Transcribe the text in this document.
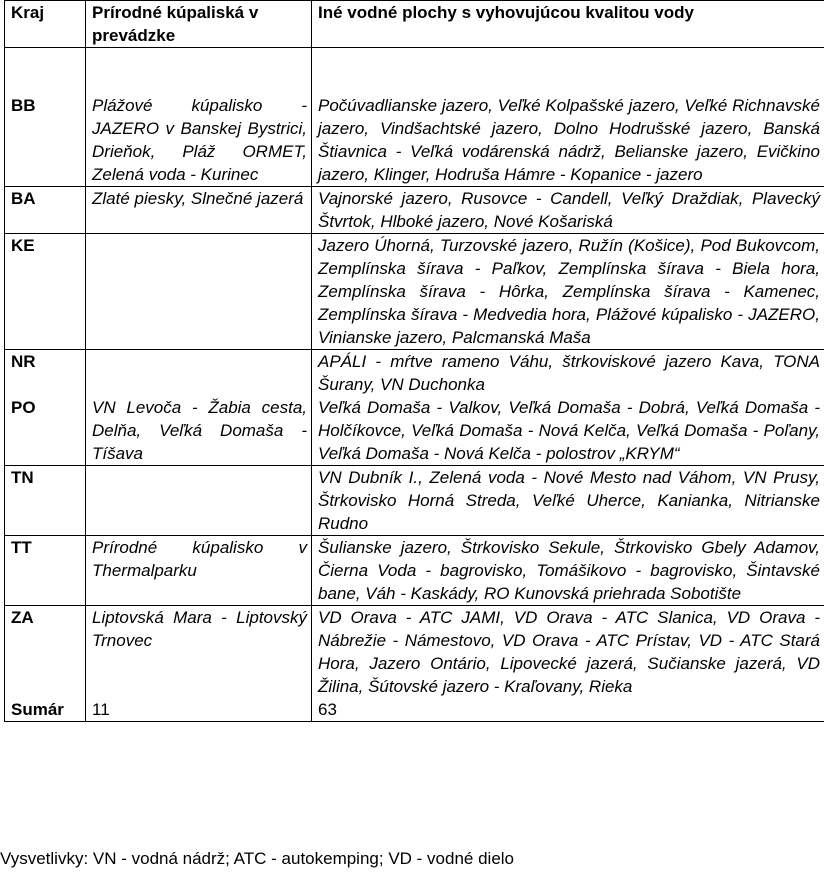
Kraj	Prírodné kúpaliská v prevádzke	Iné vodné plochy s vyhovujúcou kvalitou vody

BB	Plážové kúpalisko - JAZERO v Banskej Bystrici, Drieňok, Pláž ORMET, Zelená voda - Kurinec	Počúvadlianske jazero, Veľké Kolpašské jazero, Veľké Richnavské jazero, Vindšachtské jazero, Dolno Hodrušské jazero, Banská Štiavnica - Veľká vodárenská nádrž, Belianske jazero, Evičkino jazero, Klinger, Hodruša Hámre - Kopanice - jazero
BA	Zlaté piesky, Slnečné jazerá	Vajnorské jazero, Rusovce - Candell, Veľký Draždiak, Plavecký Štvrtok, Hlboké jazero, Nové Košariská
KE		Jazero Úhorná, Turzovské jazero, Ružín (Košice), Pod Bukovcom, Zemplínska šírava - Paľkov, Zemplínska šírava - Biela hora, Zemplínska šírava - Hôrka, Zemplínska šírava - Kamenec, Zemplínska šírava - Medvedia hora, Plážové kúpalisko - JAZERO, Vinianske jazero, Palcmanská Maša
NR		APÁLI - mŕtve rameno Váhu, štrkoviskové jazero Kava, TONA Šurany, VN Duchonka
PO	VN Levoča - Žabia cesta, Delňa, Veľká Domaša - Tíšava	Veľká Domaša - Valkov, Veľká Domaša - Dobrá, Veľká Domaša - Holčíkovce, Veľká Domaša - Nová Kelča, Veľká Domaša - Poľany, Veľká Domaša - Nová Kelča - polostrov „KRYM“
TN		VN Dubník I., Zelená voda - Nové Mesto nad Váhom, VN Prusy, Štrkovisko Horná Streda, Veľké Uherce, Kanianka, Nitrianske Rudno
TT	Prírodné kúpalisko v Thermalparku	Šulianske jazero, Štrkovisko Sekule, Štrkovisko Gbely Adamov, Čierna Voda - bagrovisko, Tomášikovo - bagrovisko, Šintavské bane, Váh - Kaskády, RO Kunovská priehrada Sobotište
ZA	Liptovská Mara - Liptovský Trnovec	VD Orava - ATC JAMI, VD Orava - ATC Slanica, VD Orava - Nábrežie - Námestovo, VD Orava - ATC Prístav, VD - ATC Stará Hora, Jazero Ontário, Lipovecké jazerá, Sučianske jazerá, VD Žilina, Šútovské jazero - Kraľovany, Rieka
Sumár	11	63
Vysvetlivky: VN - vodná nádrž; ATC - autokemping; VD - vodné dielo
